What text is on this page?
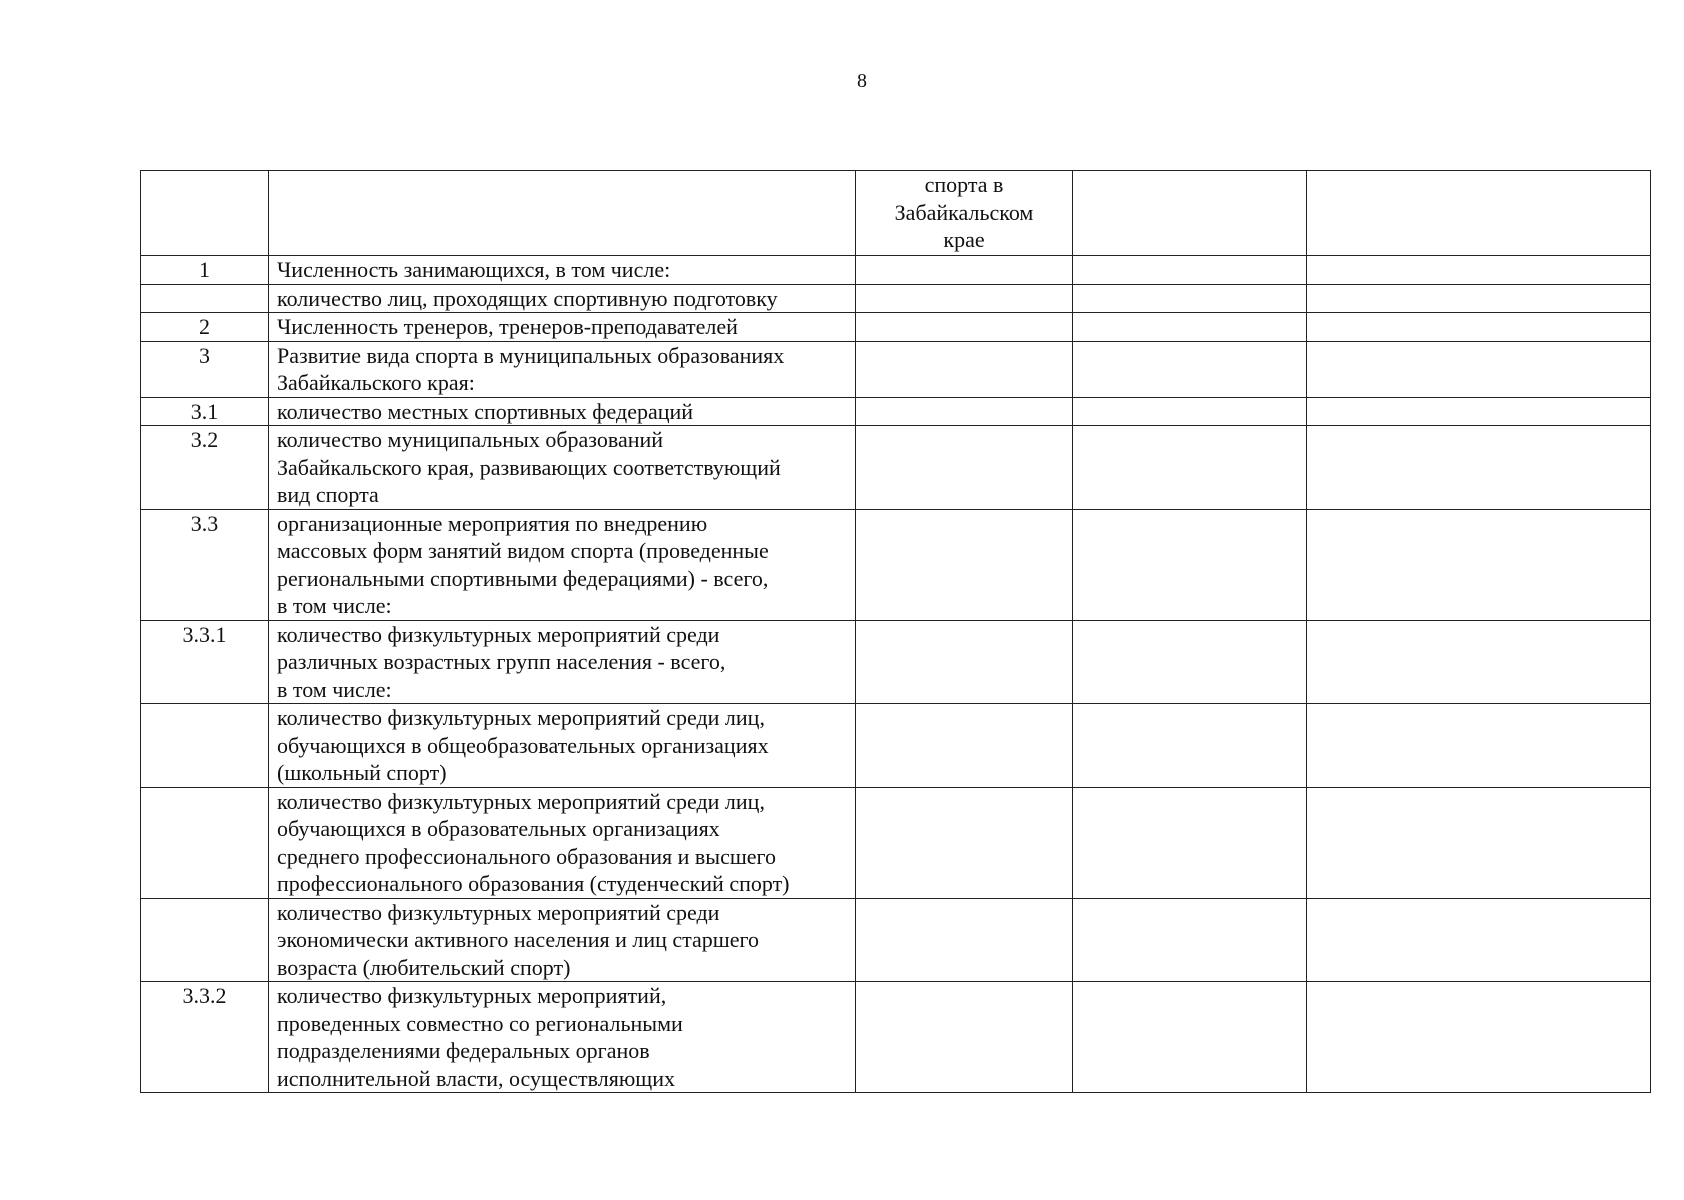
8
		спорта в
Забайкальском
крае		
1	Численность занимающихся, в том числе:			
	количество лиц, проходящих спортивную подготовку			
2	Численность тренеров, тренеров-преподавателей			
3	Развитие вида спорта в муниципальных образованиях
Забайкальского края:			
3.1	количество местных спортивных федераций			
3.2	количество муниципальных образований
Забайкальского края, развивающих соответствующий
вид спорта			
3.3	организационные мероприятия по внедрению
массовых форм занятий видом спорта (проведенные
региональными спортивными федерациями) - всего,
в том числе:			
3.3.1	количество физкультурных мероприятий среди
различных возрастных групп населения - всего,
в том числе:			
	количество физкультурных мероприятий среди лиц,
обучающихся в общеобразовательных организациях
(школьный спорт)			
	количество физкультурных мероприятий среди лиц,
обучающихся в образовательных организациях
среднего профессионального образования и высшего
профессионального образования (студенческий спорт)			
	количество физкультурных мероприятий среди
экономически активного населения и лиц старшего
возраста (любительский спорт)			
3.3.2	количество физкультурных мероприятий,
проведенных совместно со региональными
подразделениями федеральных органов
исполнительной власти, осуществляющих			
